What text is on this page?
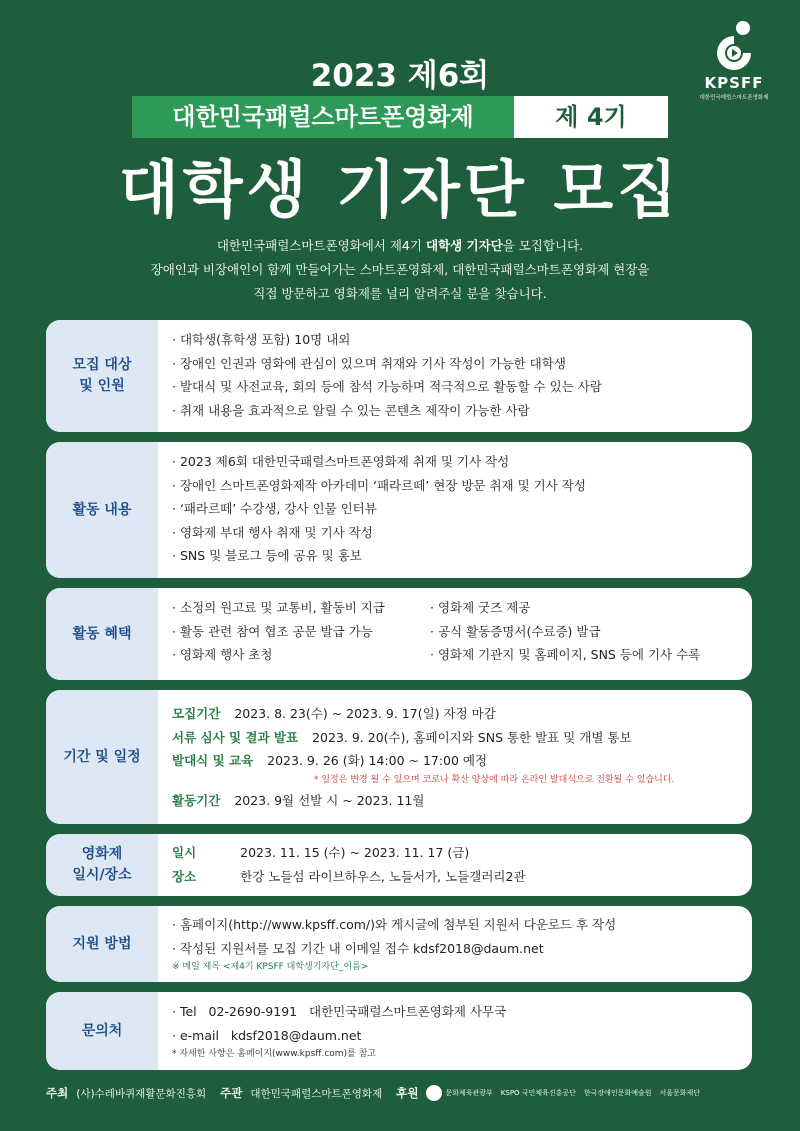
KPSFF
대한민국패럴스마트폰영화제
2023 제6회
대한민국패럴스마트폰영화제	제 4기
대학생 기자단 모집
대한민국패럴스마트폰영화에서 제4기 대학생 기자단을 모집합니다.
장애인과 비장애인이 함께 만들어가는 스마트폰영화제, 대한민국패럴스마트폰영화제 현장을
직접 방문하고 영화제를 널리 알려주실 분을 찾습니다.
모집 대상
및 인원
· 대학생(휴학생 포함) 10명 내외
· 장애인 인권과 영화에 관심이 있으며 취재와 기사 작성이 가능한 대학생
· 발대식 및 사전교육, 회의 등에 참석 가능하며 적극적으로 활동할 수 있는 사람
· 취재 내용을 효과적으로 알릴 수 있는 콘텐츠 제작이 가능한 사람
활동 내용
· 2023 제6회 대한민국패럴스마트폰영화제 취재 및 기사 작성
· 장애인 스마트폰영화제작 아카데미 ‘패라르떼’ 현장 방문 취재 및 기사 작성
· ‘패라르떼’ 수강생, 강사 인물 인터뷰
· 영화제 부대 행사 취재 및 기사 작성
· SNS 및 블로그 등에 공유 및 홍보
활동 혜택
· 소정의 원고료 및 교통비, 활동비 지급
· 활동 관련 참여 협조 공문 발급 가능
· 영화제 행사 초청
· 영화제 굿즈 제공
· 공식 활동증명서(수료증) 발급
· 영화제 기관지 및 홈페이지, SNS 등에 기사 수록
기간 및 일정
모집기간 2023. 8. 23(수) ~ 2023. 9. 17(일) 자정 마감
서류 심사 및 결과 발표 2023. 9. 20(수), 홈페이지와 SNS 통한 발표 및 개별 통보
발대식 및 교육 2023. 9. 26 (화) 14:00 ~ 17:00 예정
* 일정은 변경 될 수 있으며 코로나 확산 양상에 따라 온라인 발대식으로 전환될 수 있습니다.
활동기간 2023. 9월 선발 시 ~ 2023. 11월
영화제
일시/장소
일시	2023. 11. 15 (수) ~ 2023. 11. 17 (금)
장소	한강 노들섬 라이브하우스, 노들서가, 노들갤러리2관
지원 방법
· 홈페이지(http://www.kpsff.com/)와 게시글에 첨부된 지원서 다운로드 후 작성
· 작성된 지원서를 모집 기간 내 이메일 접수 kdsf2018@daum.net
※ 메일 제목 <제4기 KPSFF 대학생기자단_이름>
문의처
· Tel   02-2690-9191   대한민국패럴스마트폰영화제 사무국
· e-mail   kdsf2018@daum.net
* 자세한 사항은 홈페이지(www.kpsff.com)를 참고
주최 (사)수레바퀴재활문화진흥회 주관 대한민국패럴스마트폰영화제 후원	문화체육관광부 KSPO 국민체육진흥공단 한국장애인문화예술원 서울문화재단
